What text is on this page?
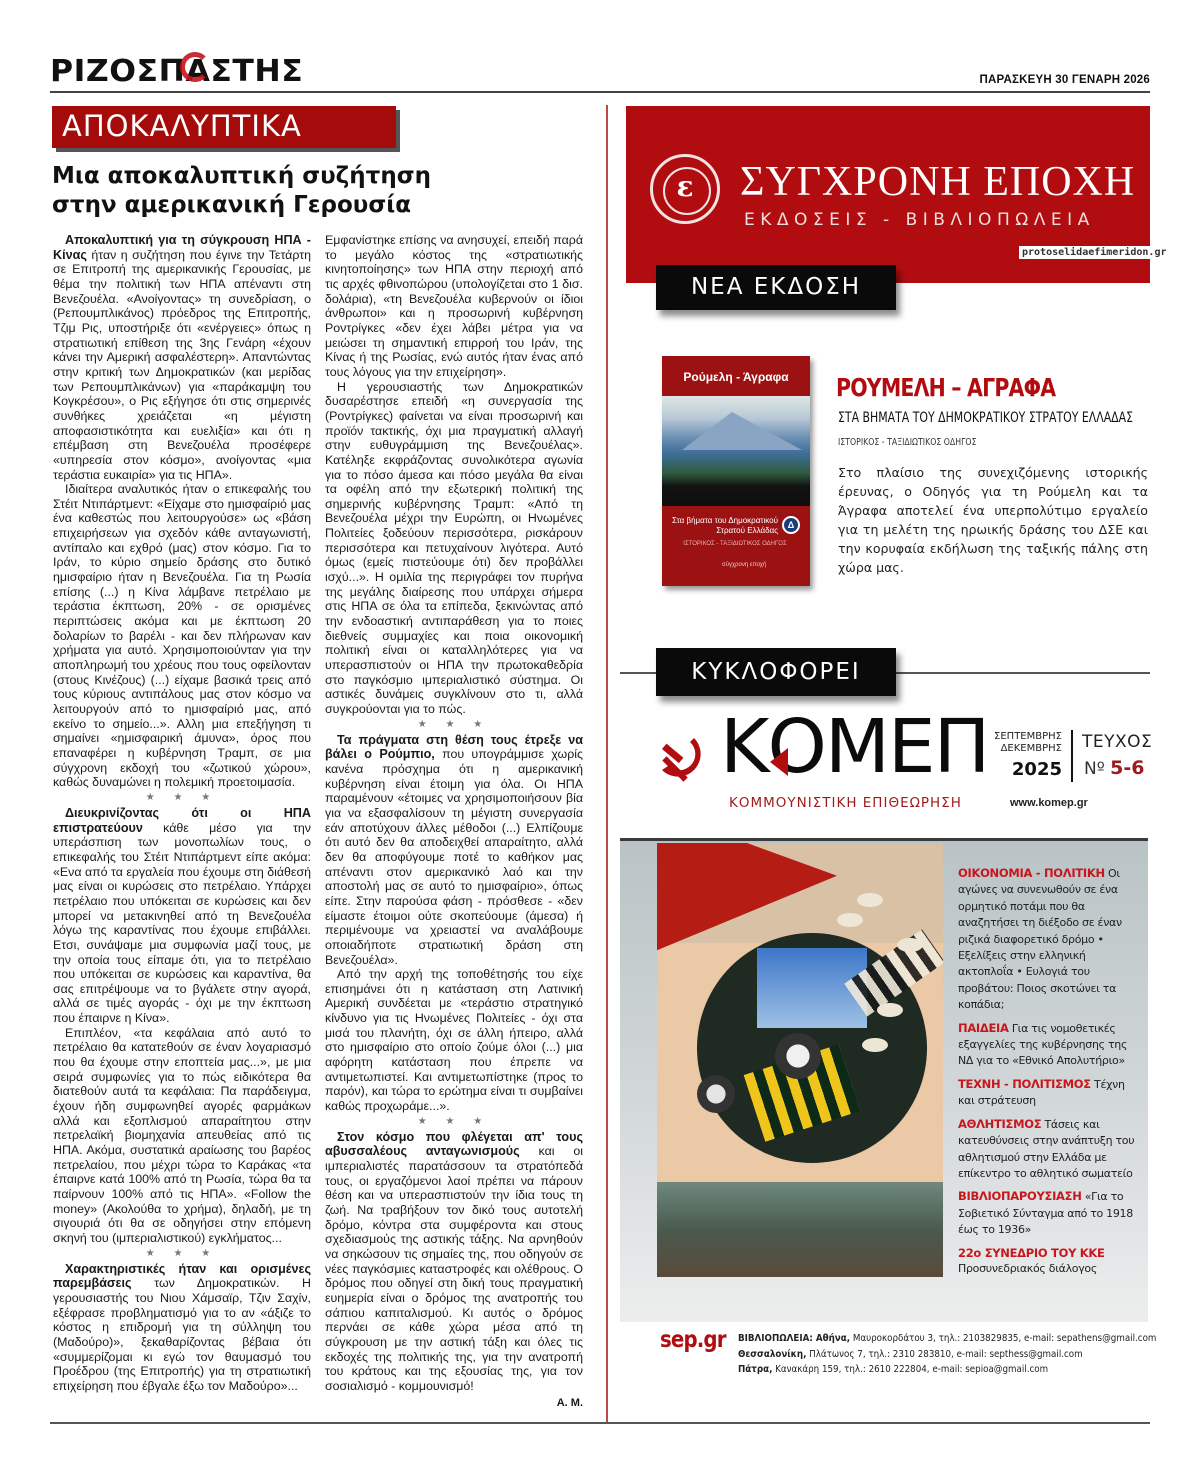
ΡΙΖΟΣΠΑΣΤΗΣ	ΠΑΡΑΣΚΕΥΗ 30 ΓΕΝΑΡΗ 2026
ΑΠΟΚΑΛΥΠΤΙΚΑ
Μια αποκαλυπτική συζήτηση
στην αμερικανική Γερουσία

Αποκαλυπτική για τη σύγκρουση ΗΠΑ - Κίνας ήταν η συζήτηση που έγινε την Τετάρτη σε Επιτροπή της αμερικανικής Γερουσίας, με θέμα την πολιτική των ΗΠΑ απέναντι στη Βενεζουέλα. «Ανοίγοντας» τη συνεδρίαση, ο (Ρεπουμπλικάνος) πρόεδρος της Επιτροπής, Τζιμ Ρις, υποστήριξε ότι «ενέργειες» όπως η στρατιωτική επίθεση της 3ης Γενάρη «έχουν κάνει την Αμερική ασφαλέστερη». Απαντώντας στην κριτική των Δημοκρατικών (και μερίδας των Ρεπουμπλικάνων) για «παράκαμψη του Κογκρέσου», ο Ρις εξήγησε ότι στις σημερινές συνθήκες χρειάζεται «η μέγιστη αποφασιστικότητα και ευελιξία» και ότι η επέμβαση στη Βενεζουέλα προσέφερε «υπηρεσία στον κόσμο», ανοίγοντας «μια τεράστια ευκαιρία» για τις ΗΠΑ».

Ιδιαίτερα αναλυτικός ήταν ο επικεφαλής του Στέιτ Ντιπάρτμεντ: «Είχαμε στο ημισφαίριό μας ένα καθεστώς που λειτουργούσε» ως «βάση επιχειρήσεων για σχεδόν κάθε ανταγωνιστή, αντίπαλο και εχθρό (μας) στον κόσμο. Για το Ιράν, το κύριο σημείο δράσης στο δυτικό ημισφαίριο ήταν η Βενεζουέλα. Για τη Ρωσία επίσης (...) η Κίνα λάμβανε πετρέλαιο με τεράστια έκπτωση, 20% - σε ορισμένες περιπτώσεις ακόμα και με έκπτωση 20 δολαρίων το βαρέλι - και δεν πλήρωναν καν χρήματα για αυτό. Χρησιμοποιούνταν για την αποπληρωμή του χρέους που τους οφείλονταν (στους Κινέζους) (...) είχαμε βασικά τρεις από τους κύριους αντιπάλους μας στον κόσμο να λειτουργούν από το ημισφαίριό μας, από εκείνο το σημείο...». Αλλη μια επεξήγηση τι σημαίνει «ημισφαιρική άμυνα», όρος που επαναφέρει η κυβέρνηση Τραμπ, σε μια σύγχρονη εκδοχή του «ζωτικού χώρου», καθώς δυναμώνει η πολεμική προετοιμασία.

★ ★ ★

Διευκρινίζοντας ότι οι ΗΠΑ επιστρατεύουν κάθε μέσο για την υπεράσπιση των μονοπωλίων τους, ο επικεφαλής του Στέιτ Ντιπάρτμεντ είπε ακόμα: «Ενα από τα εργαλεία που έχουμε στη διάθεσή μας είναι οι κυρώσεις στο πετρέλαιο. Υπάρχει πετρέλαιο που υπόκειται σε κυρώσεις και δεν μπορεί να μετακινηθεί από τη Βενεζουέλα λόγω της καραντίνας που έχουμε επιβάλλει. Ετσι, συνάψαμε μια συμφωνία μαζί τους, με την οποία τους είπαμε ότι, για το πετρέλαιο που υπόκειται σε κυρώσεις και καραντίνα, θα σας επιτρέψουμε να το βγάλετε στην αγορά, αλλά σε τιμές αγοράς - όχι με την έκπτωση που έπαιρνε η Κίνα».

Επιπλέον, «τα κεφάλαια από αυτό το πετρέλαιο θα κατατεθούν σε έναν λογαριασμό που θα έχουμε στην εποπτεία μας...», με μια σειρά συμφωνίες για το πώς ειδικότερα θα διατεθούν αυτά τα κεφάλαια: Πα παράδειγμα, έχουν ήδη συμφωνηθεί αγορές φαρμάκων αλλά και εξοπλισμού απαραίτητου στην πετρελαϊκή βιομηχανία απευθείας από τις ΗΠΑ. Ακόμα, συστατικά αραίωσης του βαρέος πετρελαίου, που μέχρι τώρα το Καράκας «τα έπαιρνε κατά 100% από τη Ρωσία, τώρα θα τα παίρνουν 100% από τις ΗΠΑ». «Follow the money» (Ακολούθα το χρήμα), δηλαδή, με τη σιγουριά ότι θα σε οδηγήσει στην επόμενη σκηνή του (ιμπεριαλιστικού) εγκλήματος...

★ ★ ★

Χαρακτηριστικές ήταν και ορισμένες παρεμβάσεις των Δημοκρατικών. Η γερουσιαστής του Νιου Χάμσαϊρ, Τζιν Σαχίν, εξέφρασε προβληματισμό για το αν «άξιζε το κόστος η επιδρομή για τη σύλληψη του (Μαδούρο)», ξεκαθαρίζοντας βέβαια ότι «συμμερίζομαι κι εγώ τον θαυμασμό του Προέδρου (της Επιτροπής) για τη στρατιωτική επιχείρηση που έβγαλε έξω τον Μαδούρο»...

Εμφανίστηκε επίσης να ανησυχεί, επειδή παρά το μεγάλο κόστος της «στρατιωτικής κινητοποίησης» των ΗΠΑ στην περιοχή από τις αρχές φθινοπώρου (υπολογίζεται στο 1 δισ. δολάρια), «τη Βενεζουέλα κυβερνούν οι ίδιοι άνθρωποι» και η προσωρινή κυβέρνηση Ροντρίγκες «δεν έχει λάβει μέτρα για να μειώσει τη σημαντική επιρροή του Ιράν, της Κίνας ή της Ρωσίας, ενώ αυτός ήταν ένας από τους λόγους για την επιχείρηση».

Η γερουσιαστής των Δημοκρατικών δυσαρέστησε επειδή «η συνεργασία της (Ροντρίγκες) φαίνεται να είναι προσωρινή και προϊόν τακτικής, όχι μια πραγματική αλλαγή στην ευθυγράμμιση της Βενεζουέλας». Κατέληξε εκφράζοντας συνολικότερα αγωνία για το πόσο άμεσα και πόσο μεγάλα θα είναι τα οφέλη από την εξωτερική πολιτική της σημερινής κυβέρνησης Τραμπ: «Από τη Βενεζουέλα μέχρι την Ευρώπη, οι Ηνωμένες Πολιτείες ξοδεύουν περισσότερα, ρισκάρουν περισσότερα και πετυχαίνουν λιγότερα. Αυτό όμως (εμείς πιστεύουμε ότι) δεν προβάλλει ισχύ...». Η ομιλία της περιγράφει τον πυρήνα της μεγάλης διαίρεσης που υπάρχει σήμερα στις ΗΠΑ σε όλα τα επίπεδα, ξεκινώντας από την ενδοαστική αντιπαράθεση για το ποιες διεθνείς συμμαχίες και ποια οικονομική πολιτική είναι οι καταλληλότερες για να υπερασπιστούν οι ΗΠΑ την πρωτοκαθεδρία στο παγκόσμιο ιμπεριαλιστικό σύστημα. Οι αστικές δυνάμεις συγκλίνουν στο τι, αλλά συγκρούονται για το πώς.

★ ★ ★

Τα πράγματα στη θέση τους έτρεξε να βάλει ο Ρούμπιο, που υπογράμμισε χωρίς κανένα πρόσχημα ότι η αμερικανική κυβέρνηση είναι έτοιμη για όλα. Οι ΗΠΑ παραμένουν «έτοιμες να χρησιμοποιήσουν βία για να εξασφαλίσουν τη μέγιστη συνεργασία εάν αποτύχουν άλλες μέθοδοι (...) Ελπίζουμε ότι αυτό δεν θα αποδειχθεί απαραίτητο, αλλά δεν θα αποφύγουμε ποτέ το καθήκον μας απέναντι στον αμερικανικό λαό και την αποστολή μας σε αυτό το ημισφαίριο», όπως είπε. Στην παρούσα φάση - πρόσθεσε - «δεν είμαστε έτοιμοι ούτε σκοπεύουμε (άμεσα) ή περιμένουμε να χρειαστεί να αναλάβουμε οποιαδήποτε στρατιωτική δράση στη Βενεζουέλα».

Από την αρχή της τοποθέτησής του είχε επισημάνει ότι η κατάσταση στη Λατινική Αμερική συνδέεται με «τεράστιο στρατηγικό κίνδυνο για τις Ηνωμένες Πολιτείες - όχι στα μισά του πλανήτη, όχι σε άλλη ήπειρο, αλλά στο ημισφαίριο στο οποίο ζούμε όλοι (...) μια αφόρητη κατάσταση που έπρεπε να αντιμετωπιστεί. Και αντιμετωπίστηκε (προς το παρόν), και τώρα το ερώτημα είναι τι συμβαίνει καθώς προχωράμε...».

★ ★ ★

Στον κόσμο που φλέγεται απ' τους αβυσσαλέους ανταγωνισμούς και οι ιμπεριαλιστές παρατάσσουν τα στρατόπεδά τους, οι εργαζόμενοι λαοί πρέπει να πάρουν θέση και να υπερασπιστούν την ίδια τους τη ζωή. Να τραβήξουν τον δικό τους αυτοτελή δρόμο, κόντρα στα συμφέροντα και στους σχεδιασμούς της αστικής τάξης. Να αρνηθούν να σηκώσουν τις σημαίες της, που οδηγούν σε νέες παγκόσμιες καταστροφές και ολέθρους. Ο δρόμος που οδηγεί στη δική τους πραγματική ευημερία είναι ο δρόμος της ανατροπής του σάπιου καπιταλισμού. Κι αυτός ο δρόμος περνάει σε κάθε χώρα μέσα από τη σύγκρουση με την αστική τάξη και όλες τις εκδοχές της πολιτικής της, για την ανατροπή του κράτους και της εξουσίας της, για τον σοσιαλισμό - κομμουνισμό!

Α. Μ.

ε	ΣΥΓΧΡΟΝΗ ΕΠΟΧΗ
ΕΚΔΟΣΕΙΣ - ΒΙΒΛΙΟΠΩΛΕΙΑ
protoselidaefimeridon.gr
ΝΕΑ ΕΚΔΟΣΗ
Ρούμελη - Άγραφα
Στα βήματα του Δημοκρατικού
Στρατού Ελλάδας
Δ
ΙΣΤΟΡΙΚΟΣ - ΤΑΞΙΔΙΩΤΙΚΟΣ ΟΔΗΓΟΣ
σύγχρονη εποχή
ΡΟΥΜΕΛΗ – ΑΓΡΑΦΑ
ΣΤΑ ΒΗΜΑΤΑ ΤΟΥ ΔΗΜΟΚΡΑΤΙΚΟΥ ΣΤΡΑΤΟΥ ΕΛΛΑΔΑΣ
ΙΣΤΟΡΙΚΟΣ - ΤΑΞΙΔΙΩΤΙΚΟΣ ΟΔΗΓΟΣ
Στο πλαίσιο της συνεχιζόμενης ιστορικής έρευνας, ο Οδηγός για τη Ρούμελη και τα Άγραφα αποτελεί ένα υπερπολύτιμο εργαλείο για τη μελέτη της ηρωικής δράσης του ΔΣΕ και την κορυφαία εκδήλωση της ταξικής πάλης στη χώρα μας.
ΚΥΚΛΟΦΟΡΕΙ
ΚΟΜΕΠ
ΚΟΜΜΟΥΝΙΣΤΙΚΗ ΕΠΙΘΕΩΡΗΣΗ
ΣΕΠΤΕΜΒΡΗΣ
ΔΕΚΕΜΒΡΗΣ
2025
ΤΕΥΧΟΣ
Νº 5-6
www.komep.gr
ΟΙΚΟΝΟΜΙΑ - ΠΟΛΙΤΙΚΗ Οι αγώνες να συνενωθούν σε ένα ορμητικό ποτάμι που θα αναζητήσει τη διέξοδο σε έναν ριζικά διαφορετικό δρόμο • Εξελίξεις στην ελληνική ακτοπλοΐα • Ευλογιά του προβάτου: Ποιος σκοτώνει τα κοπάδια;
ΠΑΙΔΕΙΑ Για τις νομοθετικές εξαγγελίες της κυβέρνησης της ΝΔ για το «Εθνικό Απολυτήριο»
ΤΕΧΝΗ - ΠΟΛΙΤΙΣΜΟΣ Τέχνη και στράτευση
ΑΘΛΗΤΙΣΜΟΣ Τάσεις και κατευθύνσεις στην ανάπτυξη του αθλητισμού στην Ελλάδα με επίκεντρο το αθλητικό σωματείο
ΒΙΒΛΙΟΠΑΡΟΥΣΙΑΣΗ «Για το Σοβιετικό Σύνταγμα από το 1918 έως το 1936»
22ο ΣΥΝΕΔΡΙΟ ΤΟΥ ΚΚΕ
Προσυνεδριακός διάλογος
sep.gr ΒΙΒΛΙΟΠΩΛΕΙΑ: Αθήνα, Μαυροκορδάτου 3, τηλ.: 2103829835, e-mail: sepathens@gmail.com
Θεσσαλονίκη, Πλάτωνος 7, τηλ.: 2310 283810, e-mail: septhess@gmail.com
Πάτρα, Κανακάρη 159, τηλ.: 2610 222804, e-mail: sepioa@gmail.com
